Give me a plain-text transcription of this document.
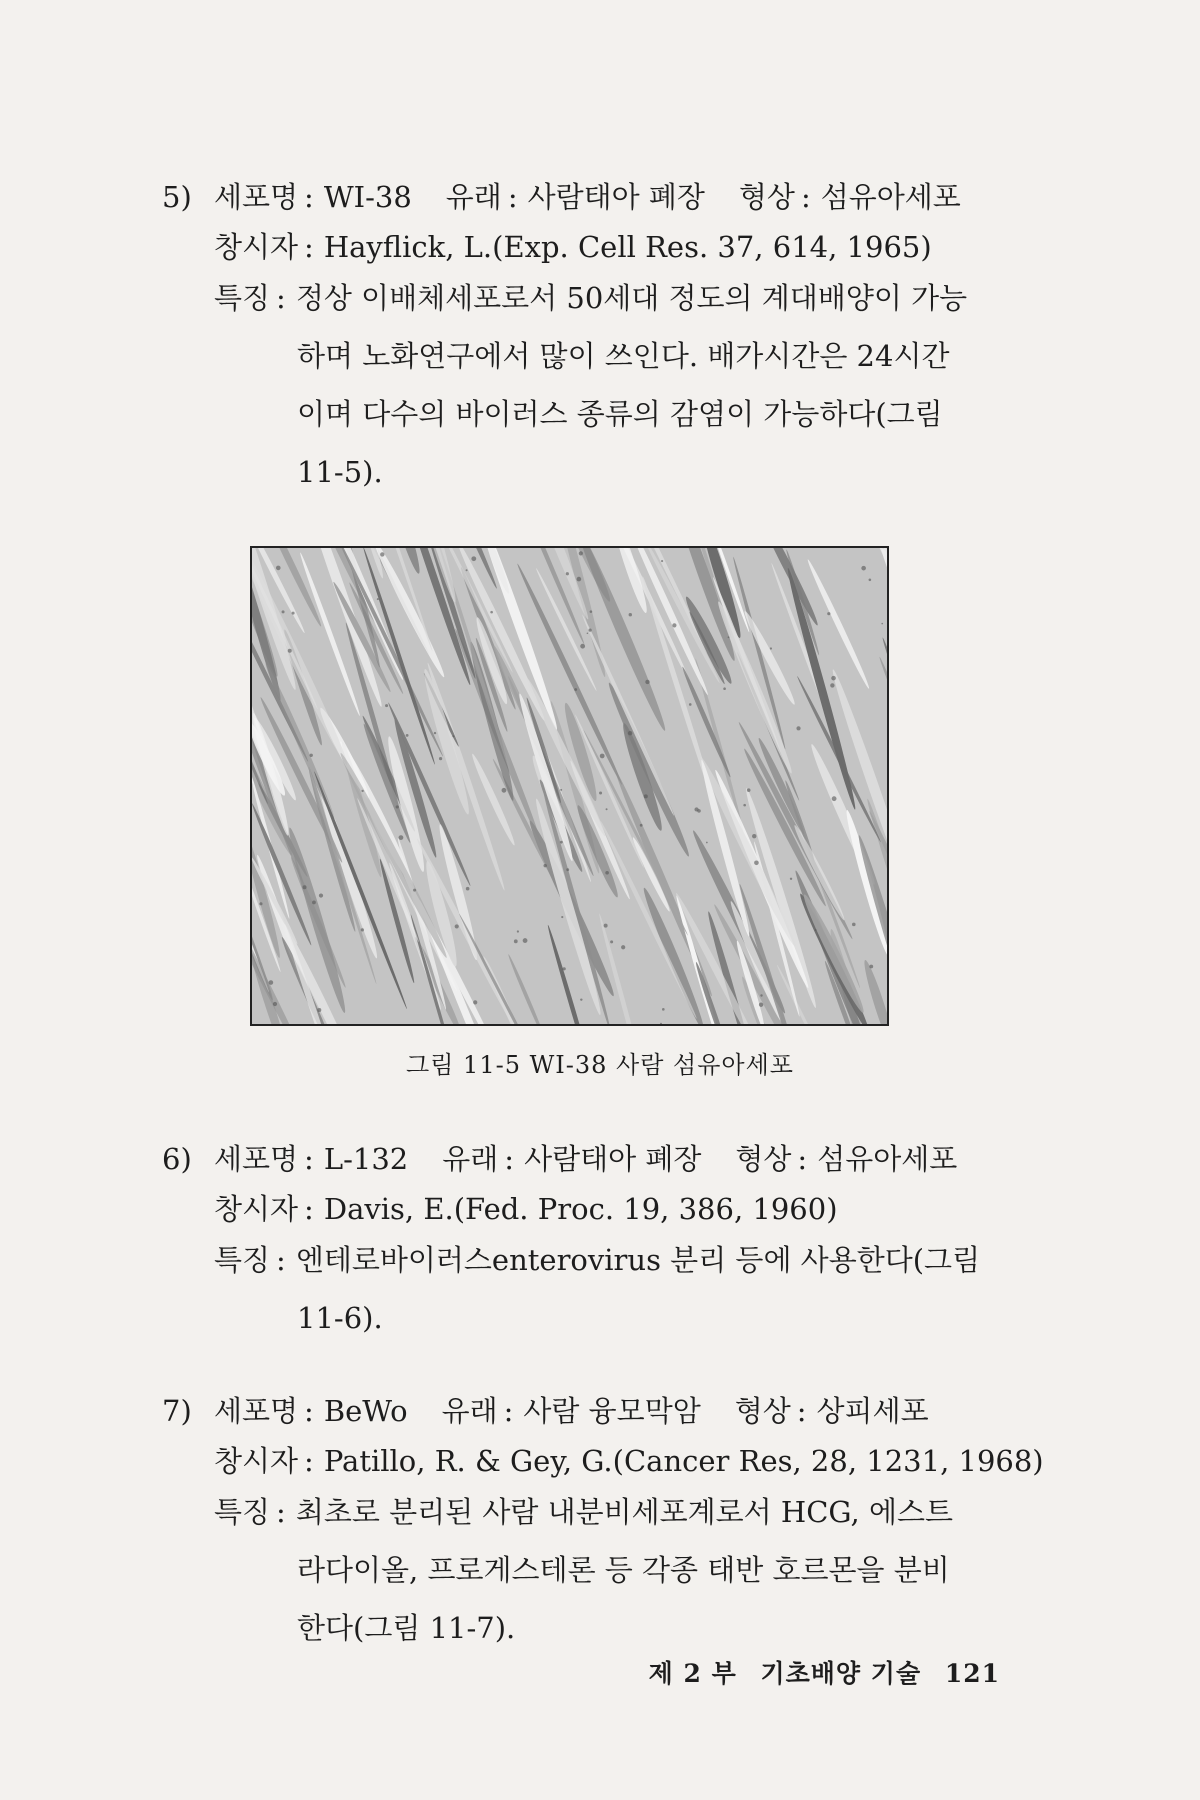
5) 세포명 : WI-38 유래 : 사람태아 폐장 형상 : 섬유아세포
창시자 : Hayflick, L.(Exp. Cell Res. 37, 614, 1965)
특징 : 정상 이배체세포로서 50세대 정도의 계대배양이 가능
하며 노화연구에서 많이 쓰인다. 배가시간은 24시간
이며 다수의 바이러스 종류의 감염이 가능하다(그림
11-5).
그림 11-5 WI-38 사람 섬유아세포
6) 세포명 : L-132 유래 : 사람태아 폐장 형상 : 섬유아세포
창시자 : Davis, E.(Fed. Proc. 19, 386, 1960)
특징 : 엔테로바이러스enterovirus 분리 등에 사용한다(그림
11-6).
7) 세포명 : BeWo 유래 : 사람 융모막암 형상 : 상피세포
창시자 : Patillo, R. & Gey, G.(Cancer Res, 28, 1231, 1968)
특징 : 최초로 분리된 사람 내분비세포계로서 HCG, 에스트
라다이올, 프로게스테론 등 각종 태반 호르몬을 분비
한다(그림 11-7).
제 2 부 기초배양 기술 121
